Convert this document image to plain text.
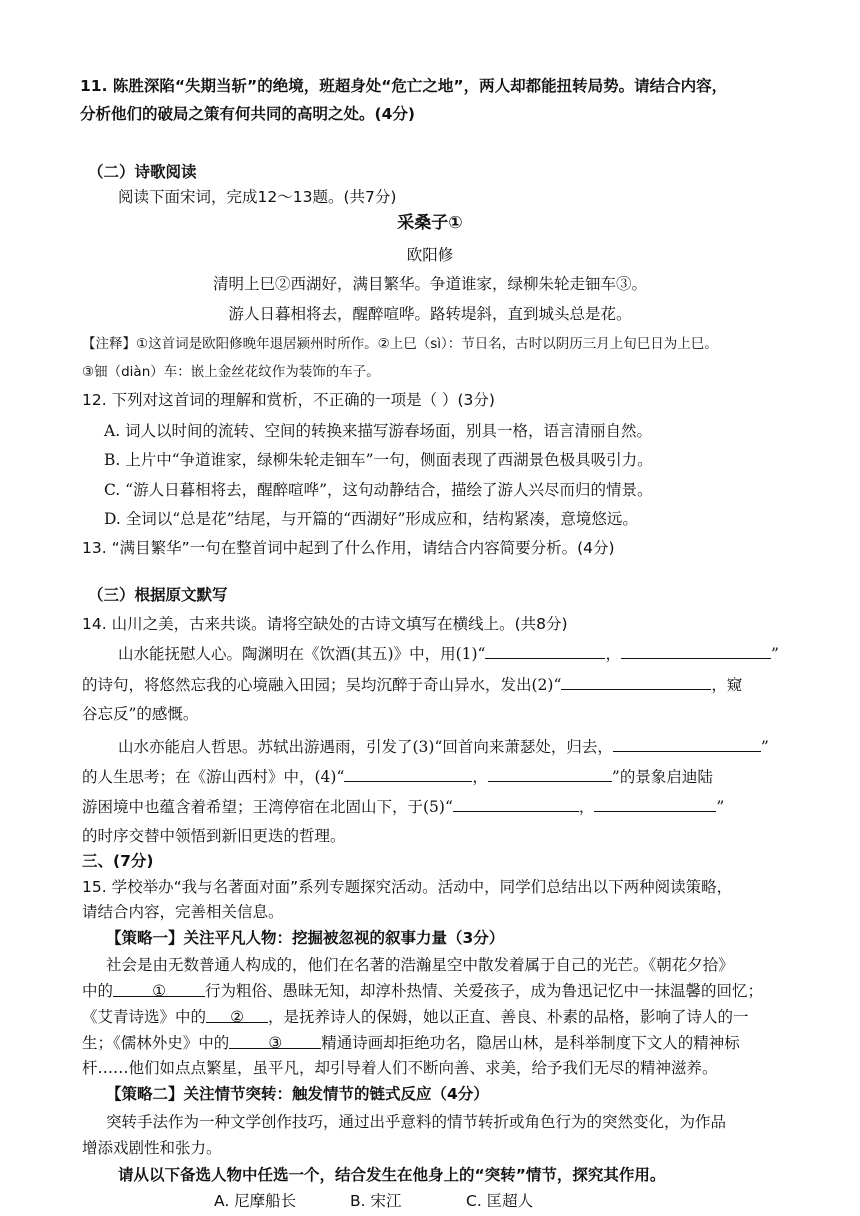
11. 陈胜深陷“失期当斩”的绝境，班超身处“危亡之地”，两人却都能扭转局势。请结合内容，
分析他们的破局之策有何共同的高明之处。(4分)
（二）诗歌阅读
阅读下面宋词，完成12～13题。(共7分)
采桑子①
欧阳修
清明上巳②西湖好，满目繁华。争道谁家，绿柳朱轮走钿车③。
游人日暮相将去，醒醉喧哗。路转堤斜，直到城头总是花。
【注释】①这首词是欧阳修晚年退居颍州时所作。②上巳（sì）：节日名，古时以阴历三月上旬巳日为上巳。
③钿（diàn）车：嵌上金丝花纹作为装饰的车子。
12. 下列对这首词的理解和赏析，不正确的一项是（ ）(3分)
A. 词人以时间的流转、空间的转换来描写游春场面，别具一格，语言清丽自然。
B. 上片中“争道谁家，绿柳朱轮走钿车”一句，侧面表现了西湖景色极具吸引力。
C. “游人日暮相将去，醒醉喧哗”，这句动静结合，描绘了游人兴尽而归的情景。
D. 全词以“总是花”结尾，与开篇的“西湖好”形成应和，结构紧凑，意境悠远。
13. “满目繁华”一句在整首词中起到了什么作用，请结合内容简要分析。(4分)
（三）根据原文默写
14. 山川之美，古来共谈。请将空缺处的古诗文填写在横线上。(共8分)
山水能抚慰人心。陶渊明在《饮酒(其五)》中，用(1)“	，	”
的诗句，将悠然忘我的心境融入田园；吴均沉醉于奇山异水，发出(2)“	，窥
谷忘反”的感慨。
山水亦能启人哲思。苏轼出游遇雨，引发了(3)“回首向来萧瑟处，归去，	”
的人生思考；在《游山西村》中，(4)“	，	”的景象启迪陆
游困境中也蕴含着希望；王湾停宿在北固山下，于(5)“	，	”
的时序交替中领悟到新旧更迭的哲理。
三、(7分)
15. 学校举办“我与名著面对面”系列专题探究活动。活动中，同学们总结出以下两种阅读策略，
请结合内容，完善相关信息。
【策略一】关注平凡人物：挖掘被忽视的叙事力量（3分）
社会是由无数普通人构成的，他们在名著的浩瀚星空中散发着属于自己的光芒。《朝花夕拾》
中的	①	行为粗俗、愚昧无知，却淳朴热情、关爱孩子，成为鲁迅记忆中一抹温馨的回忆；
《艾青诗选》中的 ② ，是抚养诗人的保姆，她以正直、善良、朴素的品格，影响了诗人的一
生；《儒林外史》中的	③	精通诗画却拒绝功名，隐居山林，是科举制度下文人的精神标
杆……他们如点点繁星，虽平凡，却引导着人们不断向善、求美，给予我们无尽的精神滋养。
【策略二】关注情节突转：触发情节的链式反应（4分）
突转手法作为一种文学创作技巧，通过出乎意料的情节转折或角色行为的突然变化，为作品
增添戏剧性和张力。
请从以下备选人物中任选一个，结合发生在他身上的“突转”情节，探究其作用。
A. 尼摩船长	B. 宋江	C. 匡超人
